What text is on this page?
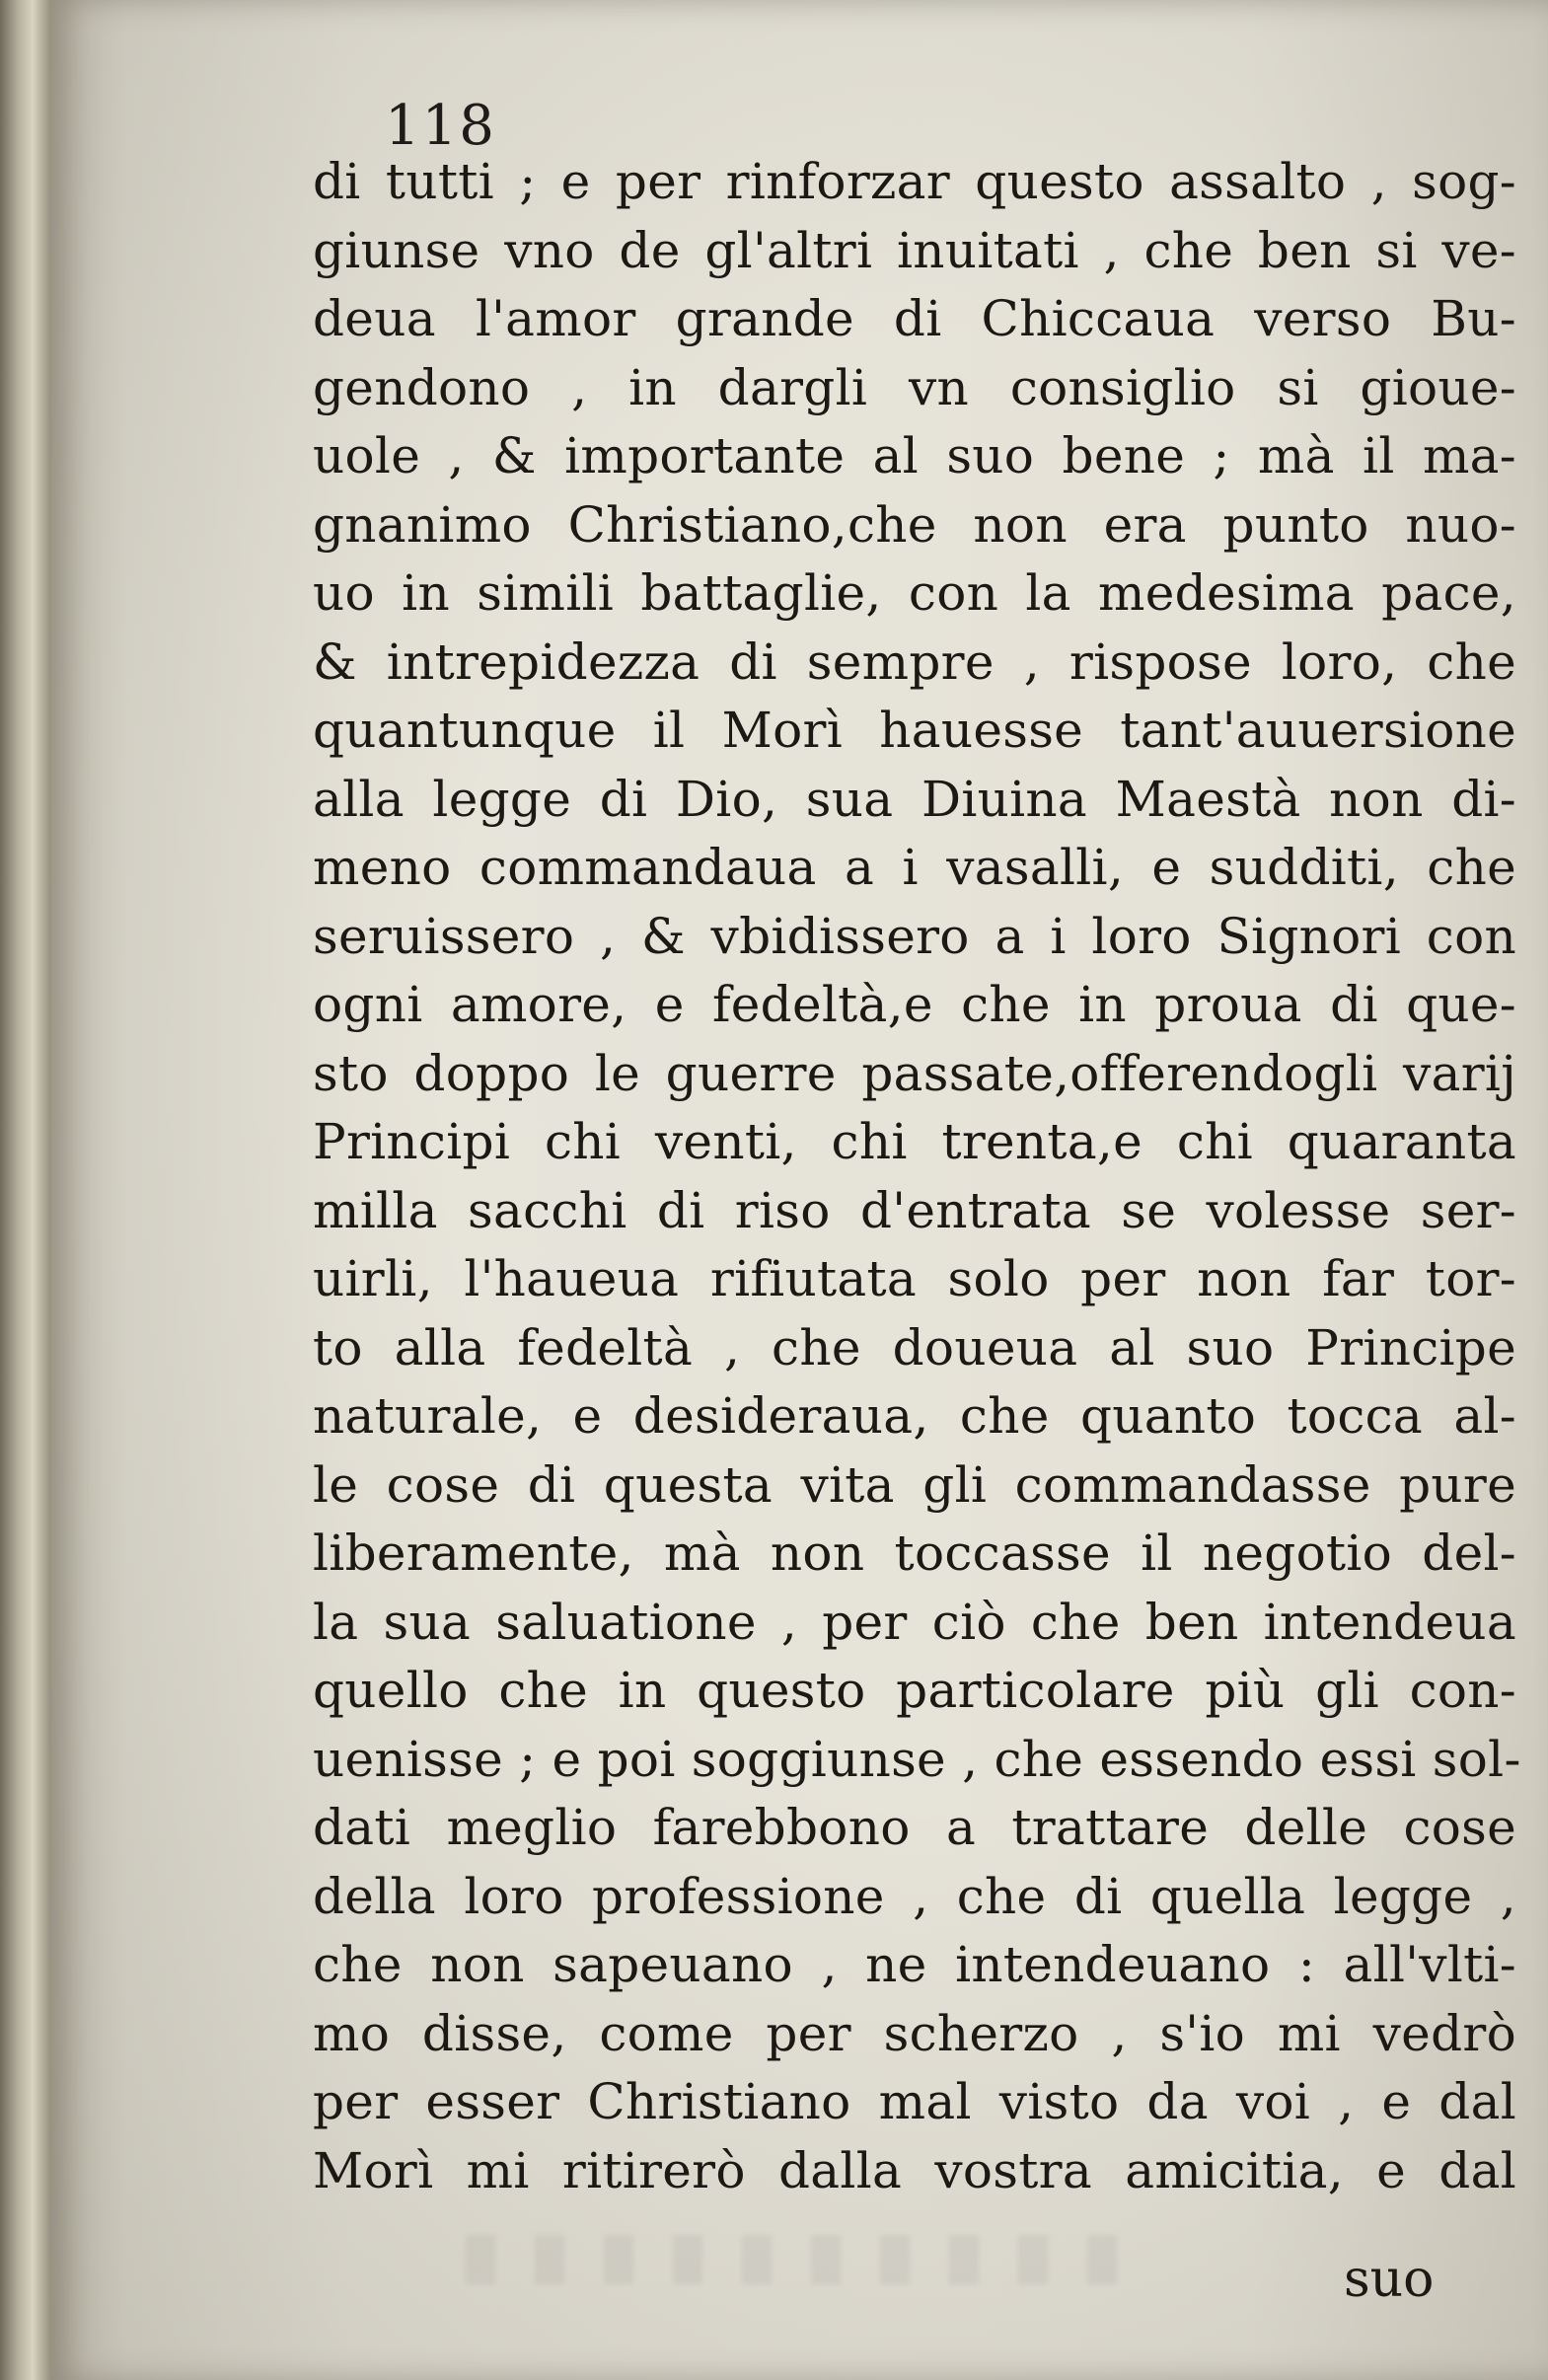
118
di tutti ; e per rinforzar questo assalto , sog-
giunse vno de gl'altri inuitati , che ben si ve-
deua l'amor grande di Chiccaua verso Bu-
gendono , in dargli vn consiglio si gioue-
uole , & importante al suo bene ; mà il ma-
gnanimo Christiano,che non era punto nuo-
uo in simili battaglie, con la medesima pace,
& intrepidezza di sempre , rispose loro, che
quantunque il Morì hauesse tant'auuersione
alla legge di Dio, sua Diuina Maestà non di-
meno commandaua a i vasalli, e sudditi, che
seruissero , & vbidissero a i loro Signori con
ogni amore, e fedeltà,e che in proua di que-
sto doppo le guerre passate,offerendogli varij
Principi chi venti, chi trenta,e chi quaranta
milla sacchi di riso d'entrata se volesse ser-
uirli, l'haueua rifiutata solo per non far tor-
to alla fedeltà , che doueua al suo Principe
naturale, e desideraua, che quanto tocca al-
le cose di questa vita gli commandasse pure
liberamente, mà non toccasse il negotio del-
la sua saluatione , per ciò che ben intendeua
quello che in questo particolare più gli con-
uenisse ; e poi soggiunse , che essendo essi sol-
dati meglio farebbono a trattare delle cose
della loro professione , che di quella legge ,
che non sapeuano , ne intendeuano : all'vlti-
mo disse, come per scherzo , s'io mi vedrò
per esser Christiano mal visto da voi , e dal
Morì mi ritirerò dalla vostra amicitia, e dal
suo
